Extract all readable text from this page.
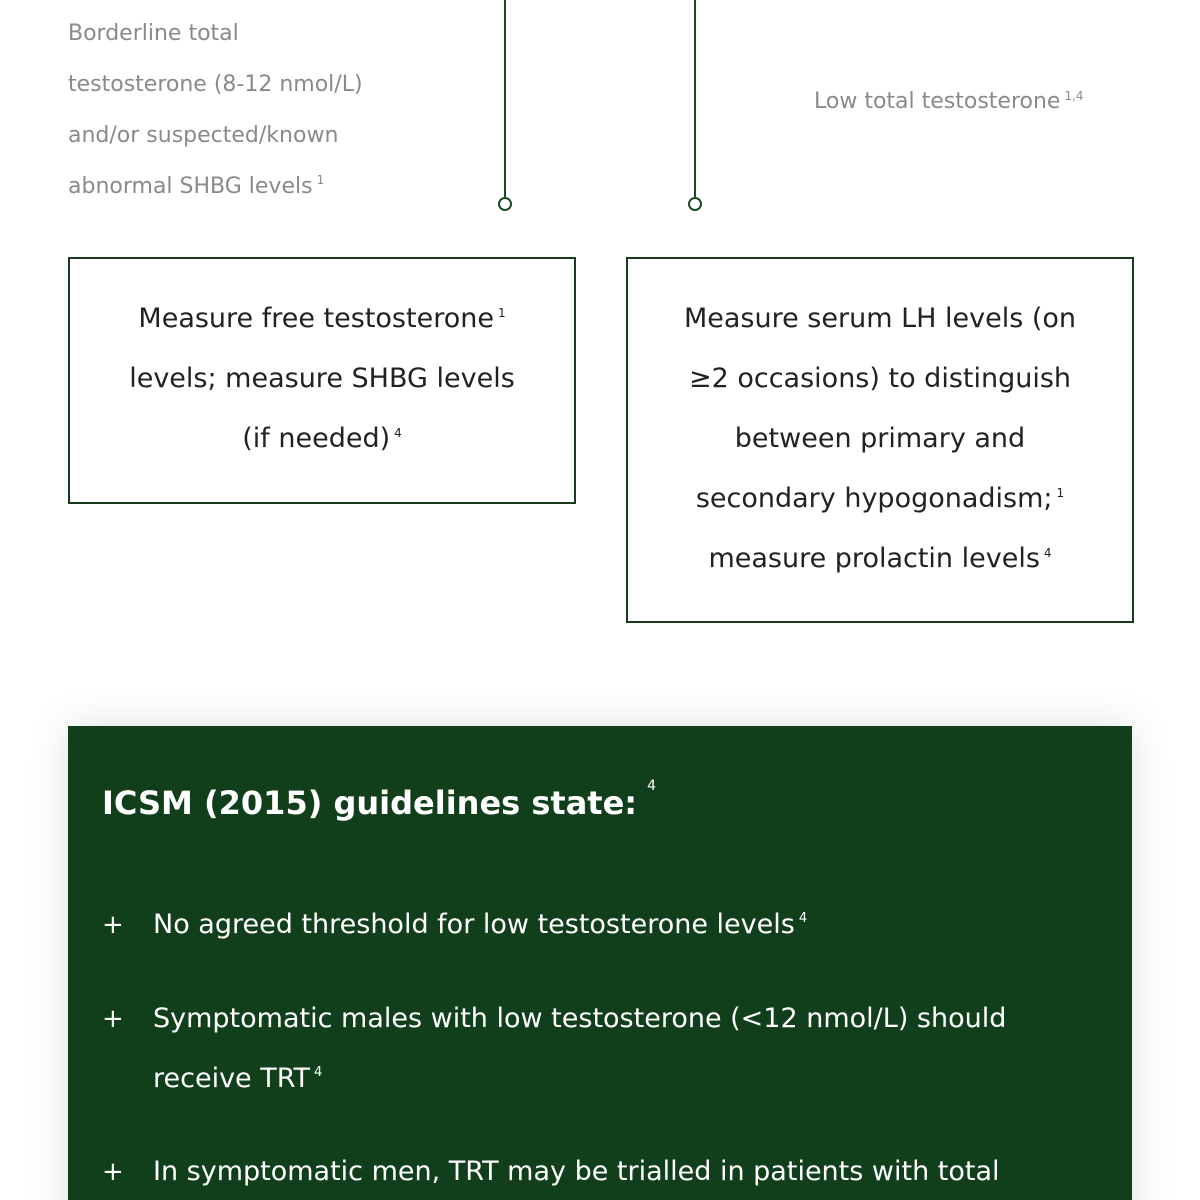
Borderline total
testosterone (8-12 nmol/L)
and/or suspected/known
abnormal SHBG levels $^1$
Low total testosterone $^{1,4}$
Measure free testosterone $^1$
levels; measure SHBG levels
(if needed) $^4$
Measure serum LH levels (on
≥2 occasions) to distinguish
between primary and
secondary hypogonadism; $^1$
measure prolactin levels $^4$
ICSM (2015) guidelines state: $^4$
+	No agreed threshold for low testosterone levels $^4$
+	Symptomatic males with low testosterone (<12 nmol/L) should
receive TRT $^4$
+	In symptomatic men, TRT may be trialled in patients with total
